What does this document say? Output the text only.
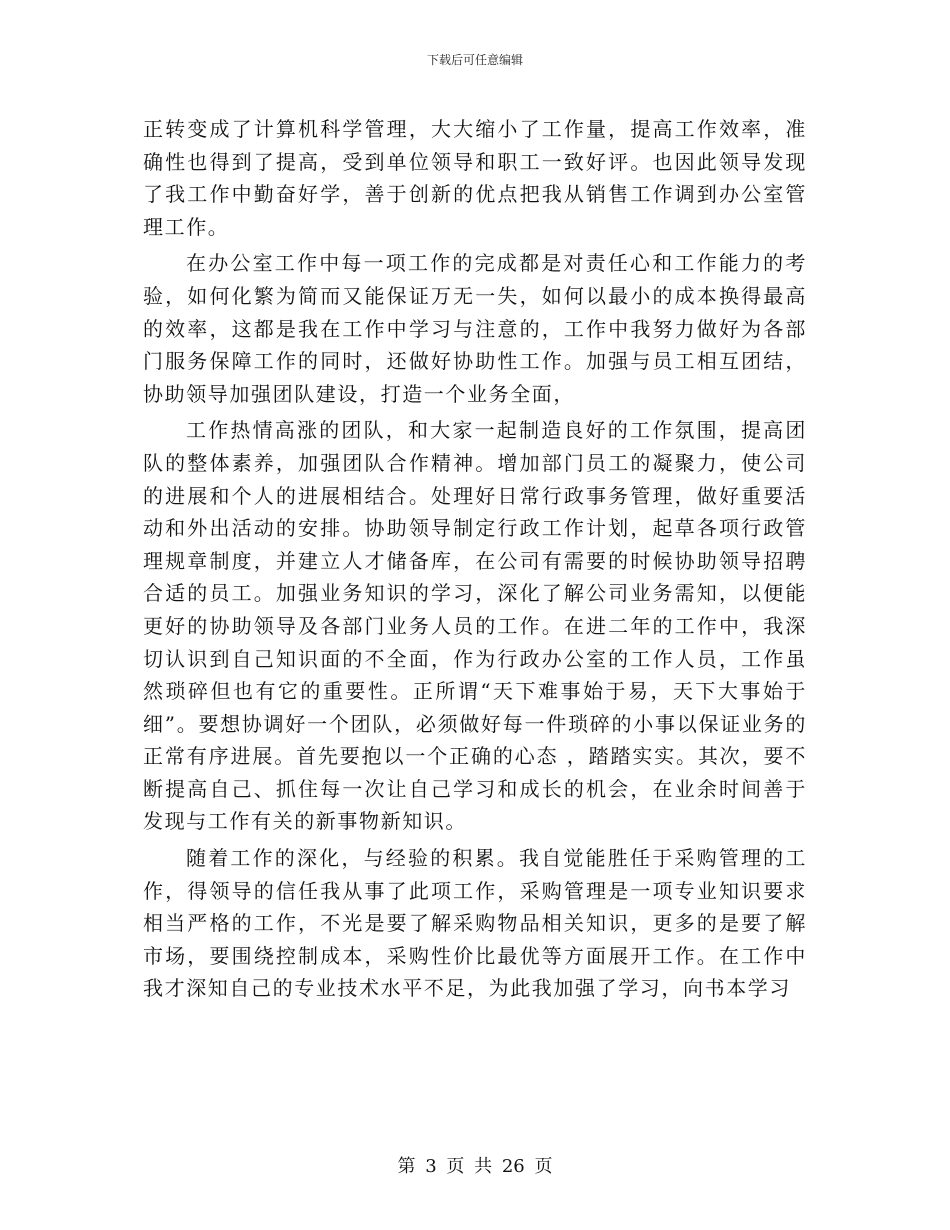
下载后可任意编辑

正转变成了计算机科学管理，大大缩小了工作量，提高工作效率，准确性也得到了提高，受到单位领导和职工一致好评。也因此领导发现了我工作中勤奋好学，善于创新的优点把我从销售工作调到办公室管理工作。

在办公室工作中每一项工作的完成都是对责任心和工作能力的考验，如何化繁为简而又能保证万无一失，如何以最小的成本换得最高的效率，这都是我在工作中学习与注意的，工作中我努力做好为各部门服务保障工作的同时，还做好协助性工作。加强与员工相互团结，协助领导加强团队建设，打造一个业务全面，

工作热情高涨的团队，和大家一起制造良好的工作氛围，提高团队的整体素养，加强团队合作精神。增加部门员工的凝聚力，使公司的进展和个人的进展相结合。处理好日常行政事务管理，做好重要活动和外出活动的安排。协助领导制定行政工作计划，起草各项行政管理规章制度，并建立人才储备库，在公司有需要的时候协助领导招聘合适的员工。加强业务知识的学习，深化了解公司业务需知，以便能更好的协助领导及各部门业务人员的工作。在进二年的工作中，我深切认识到自己知识面的不全面，作为行政办公室的工作人员，工作虽然琐碎但也有它的重要性。正所谓“天下难事始于易，天下大事始于细”。要想协调好一个团队，必须做好每一件琐碎的小事以保证业务的正常有序进展。首先要抱以一个正确的心态 ，踏踏实实。其次，要不断提高自己、抓住每一次让自己学习和成长的机会，在业余时间善于发现与工作有关的新事物新知识。

随着工作的深化，与经验的积累。我自觉能胜任于采购管理的工作，得领导的信任我从事了此项工作，采购管理是一项专业知识要求相当严格的工作，不光是要了解采购物品相关知识，更多的是要了解市场，要围绕控制成本，采购性价比最优等方面展开工作。在工作中我才深知自己的专业技术水平不足，为此我加强了学习，向书本学习

第 3 页 共 26 页
